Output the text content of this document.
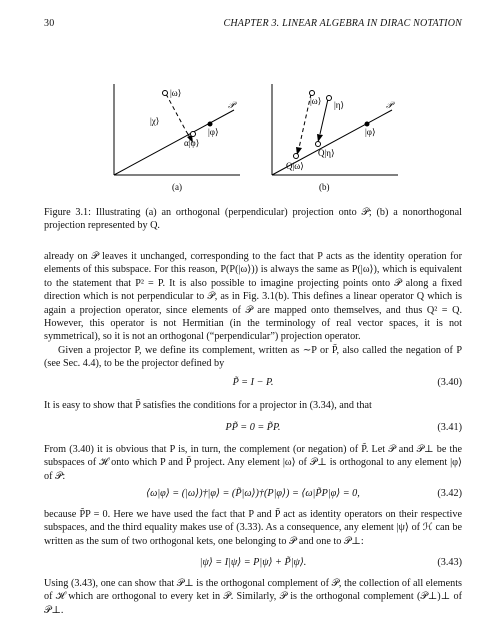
30	CHAPTER 3. LINEAR ALGEBRA IN DIRAC NOTATION
|ω⟩
|χ⟩
|φ⟩
α|φ⟩
𝒫
(a)
|ω⟩ |η⟩
|φ⟩
Q|η⟩
Q|ω⟩
𝒫
(b)
Figure 3.1: Illustrating (a) an orthogonal (perpendicular) projection onto 𝒫; (b) a nonorthogonal projection represented by Q.
already on 𝒫 leaves it unchanged, corresponding to the fact that P acts as the identity operation for elements of this subspace. For this reason, P(P(|ω⟩)) is always the same as P(|ω⟩), which is equivalent to the statement that P² = P. It is also possible to imagine projecting points onto 𝒫 along a fixed direction which is not perpendicular to 𝒫, as in Fig. 3.1(b). This defines a linear operator Q which is again a projection operator, since elements of 𝒫 are mapped onto themselves, and thus Q² = Q. However, this operator is not Hermitian (in the terminology of real vector spaces, it is not symmetrical), so it is not an orthogonal (“perpendicular”) projection operator.
Given a projector P, we define its complement, written as ∼P or P̃, also called the negation of P (see Sec. 4.4), to be the projector defined by
P̃ = I − P.	(3.40)
It is easy to show that P̃ satisfies the conditions for a projector in (3.34), and that
PP̃ = 0 = P̃P.	(3.41)
From (3.40) it is obvious that P is, in turn, the complement (or negation) of P̃. Let 𝒫 and 𝒫⊥ be the subspaces of ℋ onto which P and P̃ project. Any element |ω⟩ of 𝒫⊥ is orthogonal to any element |φ⟩ of 𝒫:
⟨ω|φ⟩ = (|ω⟩)†|φ⟩ = (P̃|ω⟩)†(P|φ⟩) = ⟨ω|P̃P|φ⟩ = 0,	(3.42)
because P̃P = 0. Here we have used the fact that P and P̃ act as identity operators on their respective subspaces, and the third equality makes use of (3.33). As a consequence, any element |ψ⟩ of ℋ can be written as the sum of two orthogonal kets, one belonging to 𝒫 and one to 𝒫⊥:
|ψ⟩ = I|ψ⟩ = P|ψ⟩ + P̃|ψ⟩.	(3.43)
Using (3.43), one can show that 𝒫⊥ is the orthogonal complement of 𝒫, the collection of all elements of ℋ which are orthogonal to every ket in 𝒫. Similarly, 𝒫 is the orthogonal complement (𝒫⊥)⊥ of 𝒫⊥.
